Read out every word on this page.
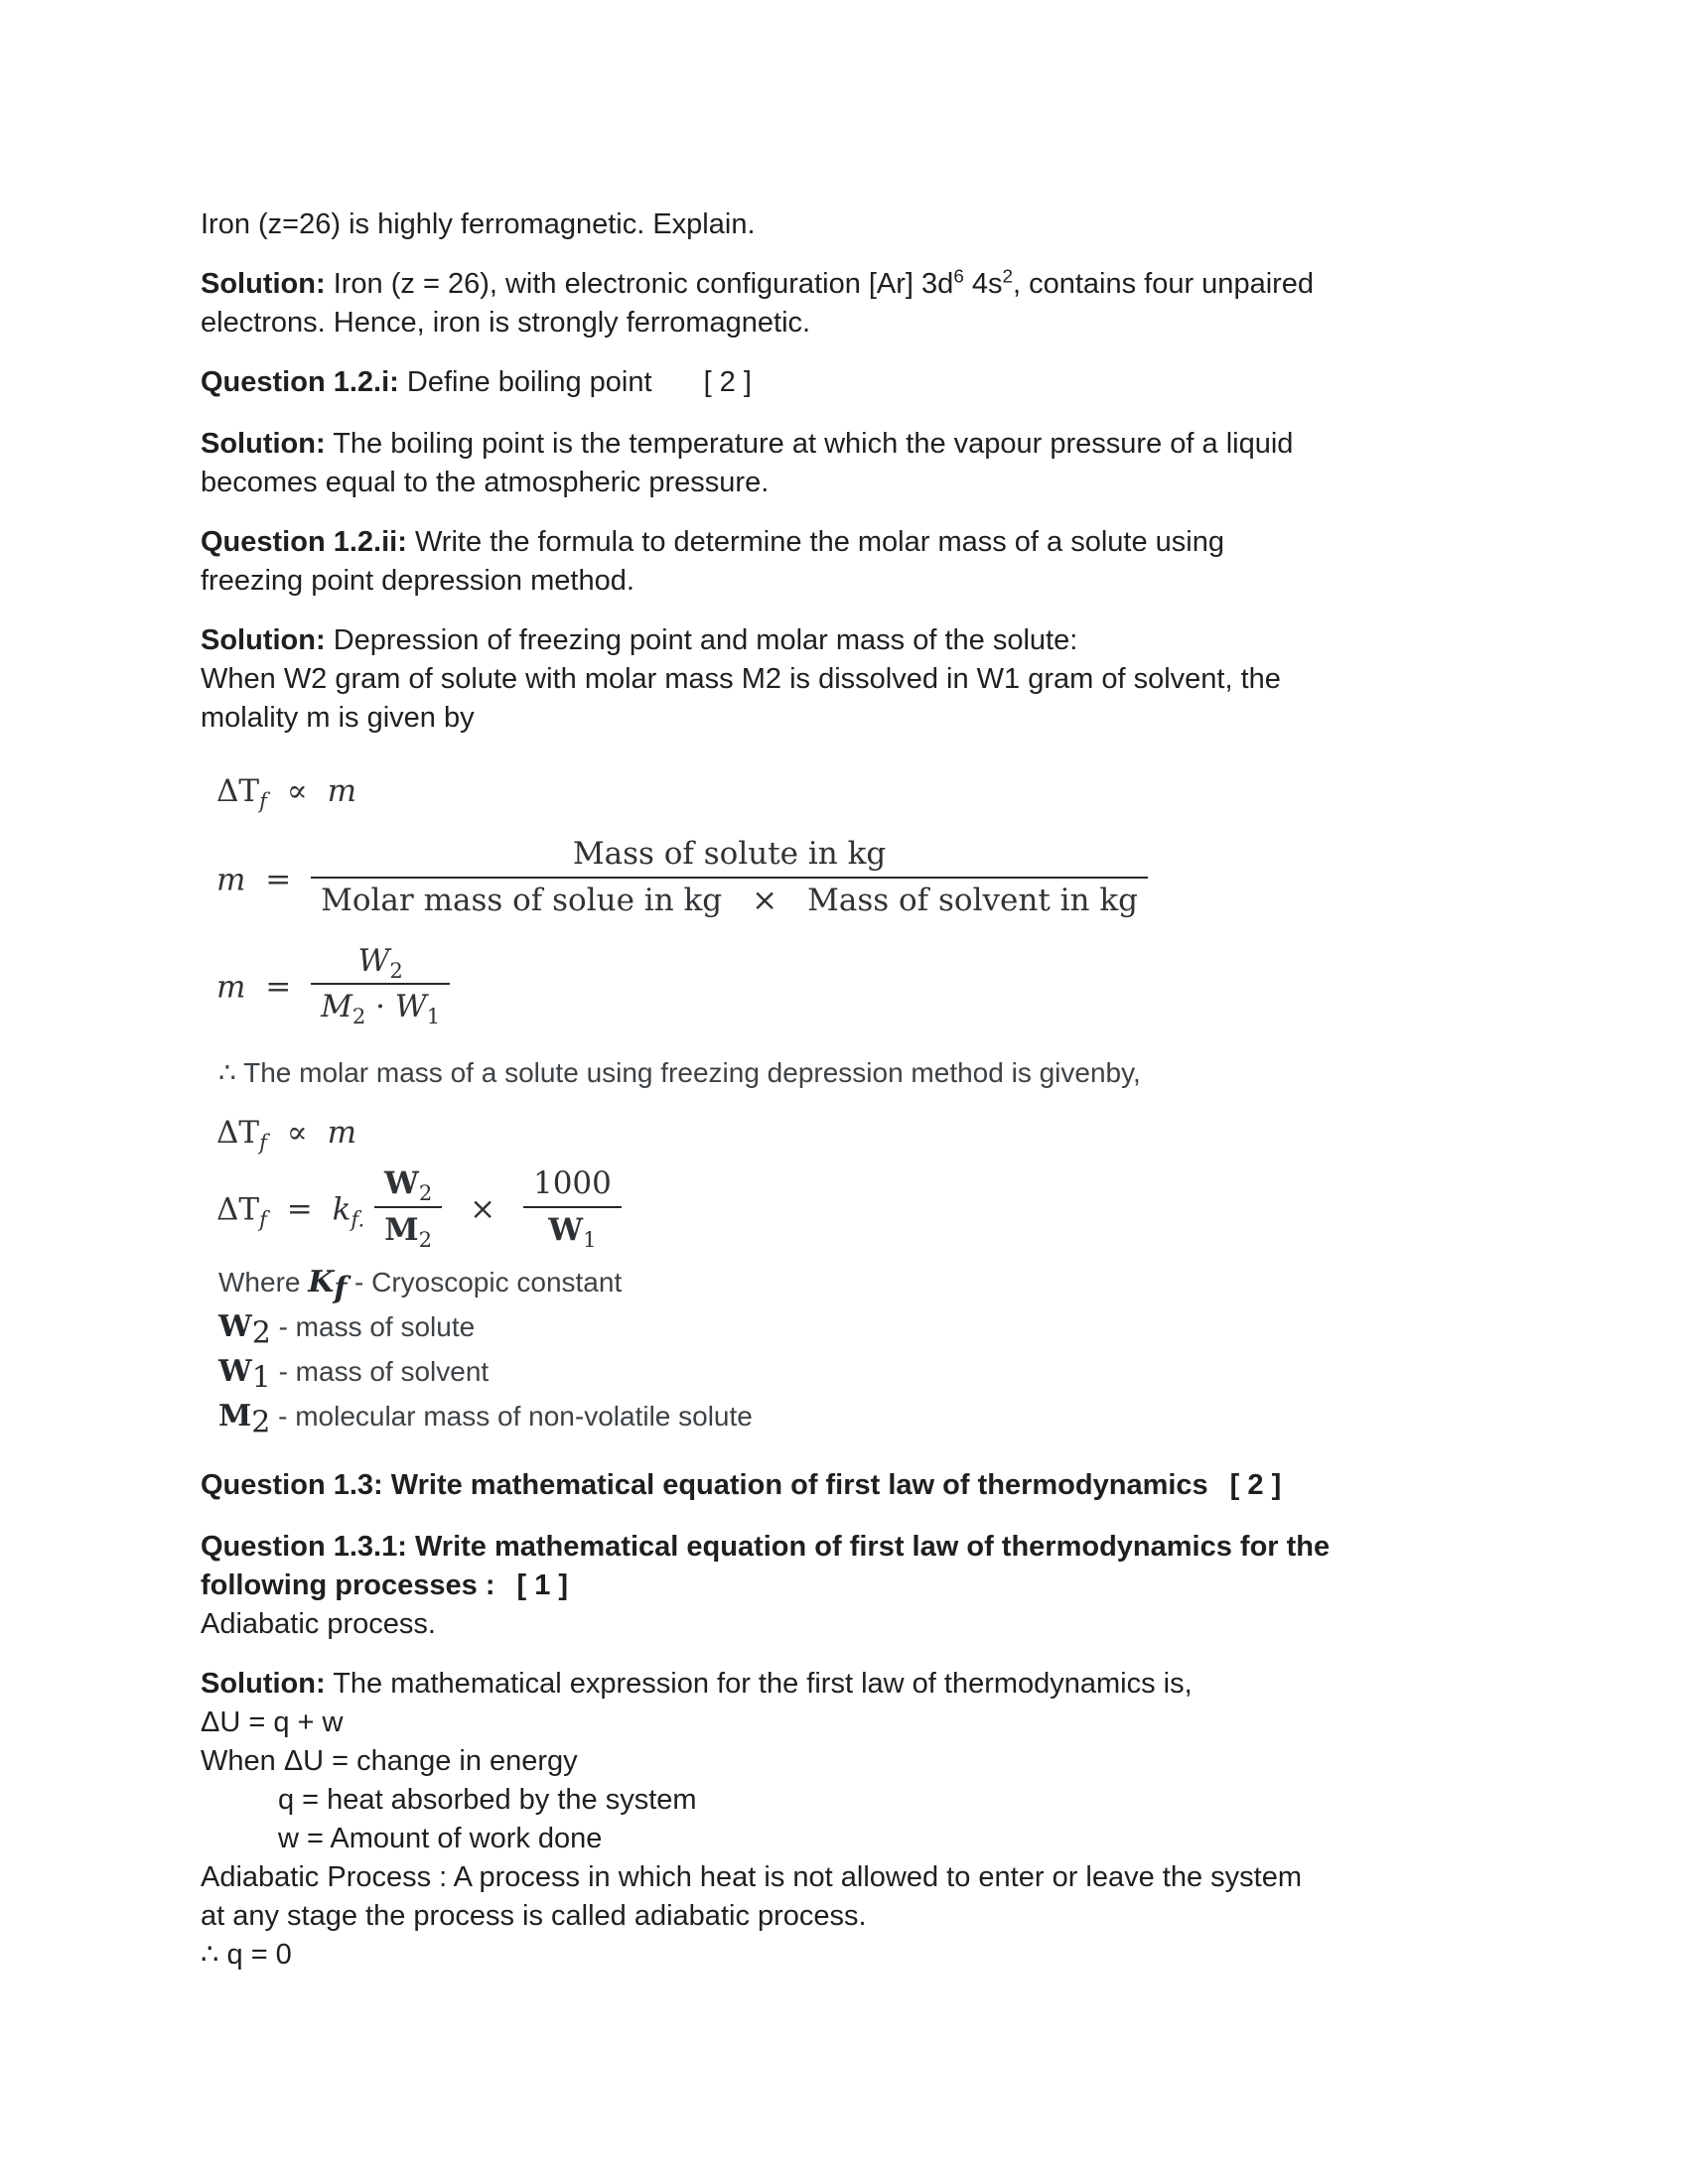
Iron (z=26) is highly ferromagnetic. Explain.

Solution: Iron (z = 26), with electronic configuration [Ar] $3d^6$ $4s^2$, contains four unpaired
electrons. Hence, iron is strongly ferromagnetic.

Question 1.2.i: Define boiling point [ 2 ]

Solution: The boiling point is the temperature at which the vapour pressure of a liquid
becomes equal to the atmospheric pressure.

Question 1.2.ii: Write the formula to determine the molar mass of a solute using
freezing point depression method.

Solution: Depression of freezing point and molar mass of the solute:
When W2 gram of solute with molar mass M2 is dissolved in W1 gram of solvent, the
molality m is given by

$\Delta T_f \propto m$
$m = \frac{\text{Mass of solute in kg}}{\text{Molar mass of solue in kg × Mass of solvent in kg}}$
$m = \frac{W_2}{M_2 \cdot W_1}$

∴ The molar mass of a solute using freezing depression method is givenby,

$\Delta T_f \propto m$
$\Delta T_f = k_{f.} \frac{W_2}{M_2} \times \frac{1000}{W_1}$

Where $K_f$ - Cryoscopic constant

$W_2$ - mass of solute

$W_1$ - mass of solvent

$M_2$ - molecular mass of non-volatile solute

Question 1.3: Write mathematical equation of first law of thermodynamics [ 2 ]

Question 1.3.1: Write mathematical equation of first law of thermodynamics for the
following processes : [ 1 ]
Adiabatic process.

Solution: The mathematical expression for the first law of thermodynamics is,
ΔU = q + w
When ΔU = change in energy
q = heat absorbed by the system
w = Amount of work done
Adiabatic Process : A process in which heat is not allowed to enter or leave the system
at any stage the process is called adiabatic process.
∴ q = 0
